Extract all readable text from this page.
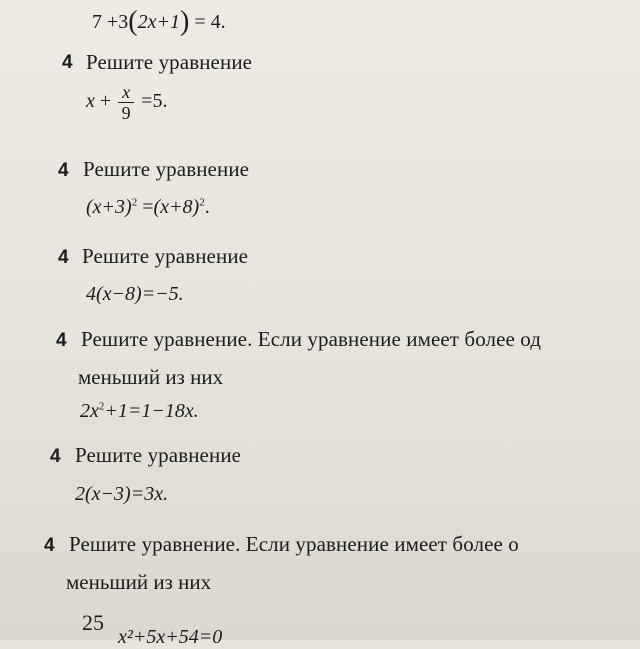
7 +3(2x+1) = 4.
4 Решите уравнение
$x + \frac{x}{9} =5$.
4 Решите уравнение
$(x+3)^2 =(x+8)^2$.
4 Решите уравнение
4(x−8)=−5.
4 Решите уравнение. Если уравнение имеет более од
меньший из них
$2x^2+1=1-18x$.
4 Решите уравнение
2(x−3)=3x.
4 Решите уравнение. Если уравнение имеет более о
меньший из них
25
x²+5x+54=0
